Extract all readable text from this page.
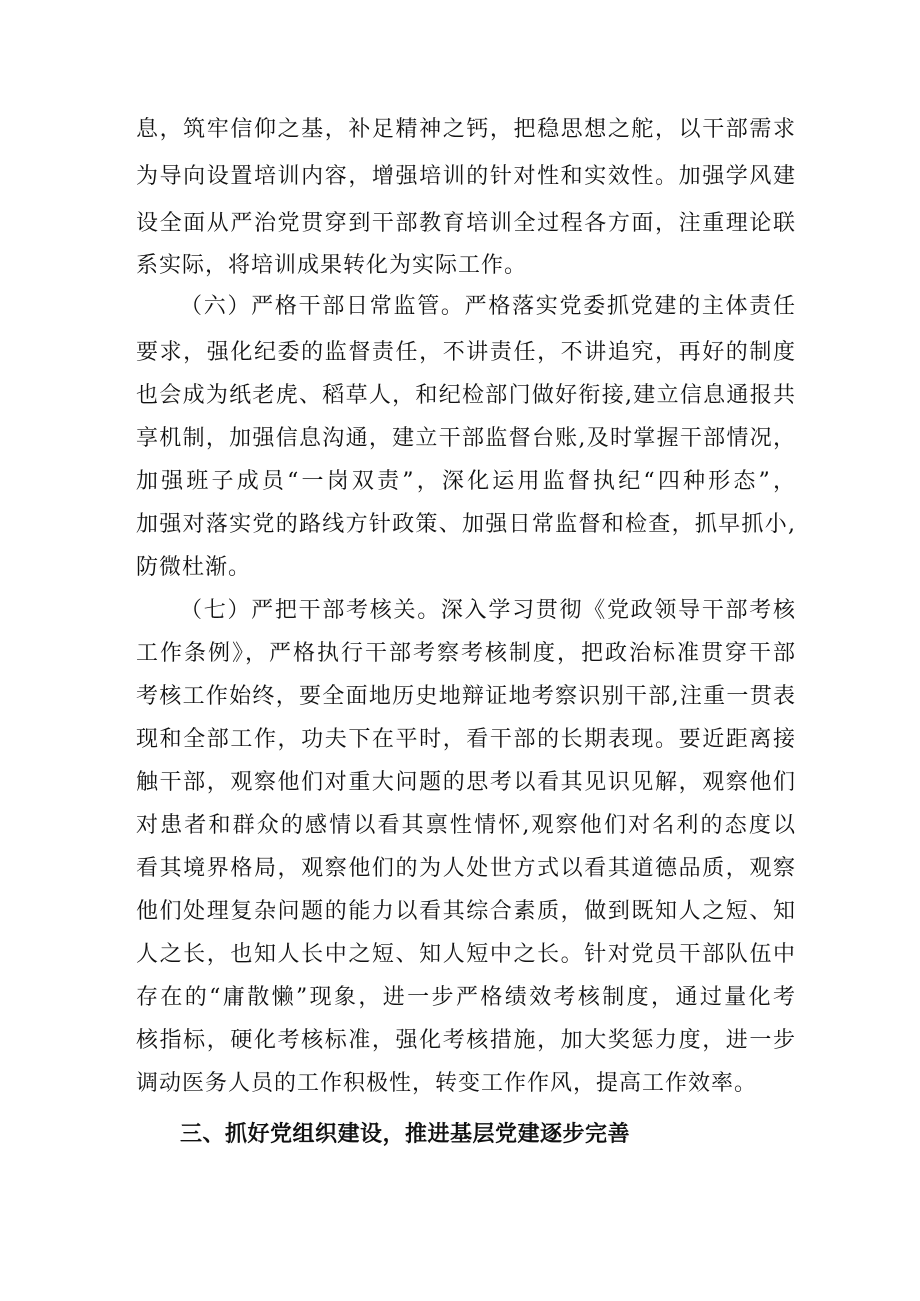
息，筑牢信仰之基，补足精神之钙，把稳思想之舵，以干部需求
为导向设置培训内容，增强培训的针对性和实效性。加强学风建
设全面从严治党贯穿到干部教育培训全过程各方面，注重理论联
系实际，将培训成果转化为实际工作。
（六）严格干部日常监管。严格落实党委抓党建的主体责任
要求，强化纪委的监督责任，不讲责任，不讲追究，再好的制度
也会成为纸老虎、稻草人，和纪检部门做好衔接,建立信息通报共
享机制，加强信息沟通，建立干部监督台账,及时掌握干部情况，
加强班子成员“一岗双责”，深化运用监督执纪“四种形态”，
加强对落实党的路线方针政策、加强日常监督和检查，抓早抓小,
防微杜渐。
（七）严把干部考核关。深入学习贯彻《党政领导干部考核
工作条例》，严格执行干部考察考核制度，把政治标准贯穿干部
考核工作始终，要全面地历史地辩证地考察识别干部,注重一贯表
现和全部工作，功夫下在平时，看干部的长期表现。要近距离接
触干部，观察他们对重大问题的思考以看其见识见解，观察他们
对患者和群众的感情以看其禀性情怀,观察他们对名利的态度以
看其境界格局，观察他们的为人处世方式以看其道德品质，观察
他们处理复杂问题的能力以看其综合素质，做到既知人之短、知
人之长，也知人长中之短、知人短中之长。针对党员干部队伍中
存在的“庸散懒”现象，进一步严格绩效考核制度，通过量化考
核指标，硬化考核标准，强化考核措施，加大奖惩力度，进一步
调动医务人员的工作积极性，转变工作作风，提高工作效率。
三、抓好党组织建设，推进基层党建逐步完善
